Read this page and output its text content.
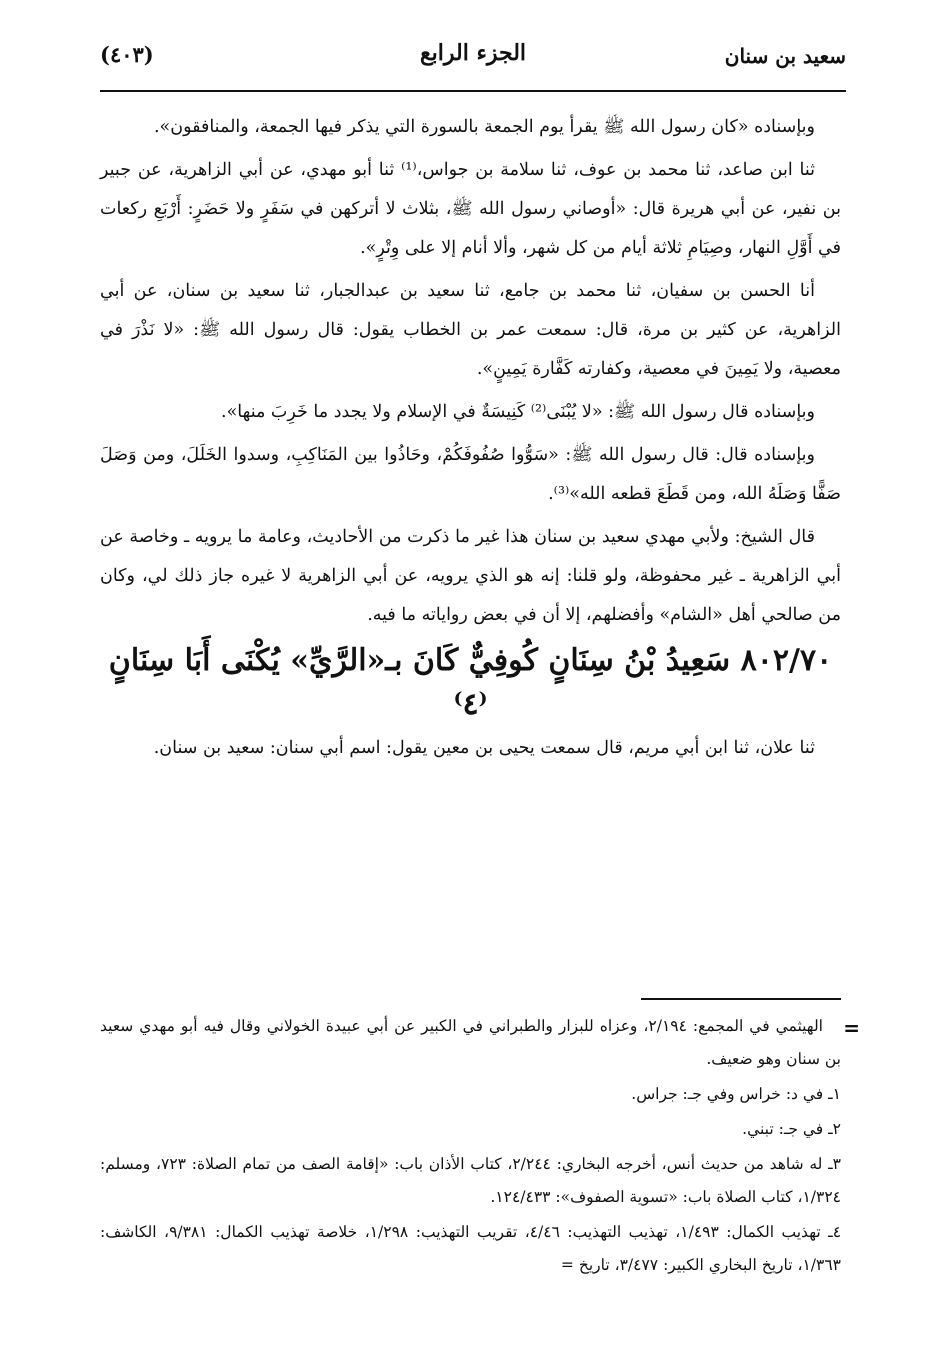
(٤٠٣)	الجزء الرابع	سعيد بن سنان

وبإسناده «كان رسول الله ﷺ يقرأ يوم الجمعة بالسورة التي يذكر فيها الجمعة، والمنافقون».

ثنا ابن صاعد، ثنا محمد بن عوف، ثنا سلامة بن جواس،⁽¹⁾ ثنا أبو مهدي، عن أبي الزاهرية، عن جبير بن نفير، عن أبي هريرة قال: «أوصاني رسول الله ﷺ، بثلاث لا أتركهن في سَفَرٍ ولا حَضَرٍ: أَرْبَعِ ركعات في أَوَّلِ النهار، وصِيَامِ ثلاثة أيام من كل شهر، وألا أنام إلا على وِتْرٍ».

أنا الحسن بن سفيان، ثنا محمد بن جامع، ثنا سعيد بن عبدالجبار، ثنا سعيد بن سنان، عن أبي الزاهرية، عن كثير بن مرة، قال: سمعت عمر بن الخطاب يقول: قال رسول الله ﷺ: «لا نَذْرَ في معصية، ولا يَمِينَ في معصية، وكفارته كَفَّارة يَمِينٍ».

وبإسناده قال رسول الله ﷺ: «لا يُبْنَى⁽²⁾ كَنِيسَةٌ في الإسلام ولا يجدد ما خَرِبَ منها».

وبإسناده قال: قال رسول الله ﷺ: «سَوُّوا صُفُوفَكُمْ، وحَاذُوا بين المَنَاكِبِ، وسدوا الخَلَلَ، ومن وَصَلَ صَفًّا وَصَلَهُ الله، ومن قَطَعَ قطعه الله»⁽³⁾.

قال الشيخ: ولأبي مهدي سعيد بن سنان هذا غير ما ذكرت من الأحاديث، وعامة ما يرويه ـ وخاصة عن أبي الزاهرية ـ غير محفوظة، ولو قلنا: إنه هو الذي يرويه، عن أبي الزاهرية لا غيره جاز ذلك لي، وكان من صالحي أهل «الشام» وأفضلهم، إلا أن في بعض رواياته ما فيه.

٨٠٢/٧٠ سَعِيدُ بْنُ سِنَانٍ كُوفِيٌّ كَانَ بـ«الرَّيِّ» يُكْنَى أَبَا سِنَانٍ ⁽٤⁾

ثنا علان، ثنا ابن أبي مريم، قال سمعت يحيى بن معين يقول: اسم أبي سنان: سعيد بن سنان.

=

الهيثمي في المجمع: ٢/١٩٤، وعزاه للبزار والطبراني في الكبير عن أبي عبيدة الخولاني وقال فيه أبو مهدي سعيد بن سنان وهو ضعيف.

١ـ في د: خراس وفي جـ: جراس.

٢ـ في جـ: تبني.

٣ـ له شاهد من حديث أنس، أخرجه البخاري: ٢/٢٤٤، كتاب الأذان باب: «إقامة الصف من تمام الصلاة: ٧٢٣، ومسلم: ١/٣٢٤، كتاب الصلاة باب: «تسوية الصفوف»: ١٢٤/٤٣٣.

٤ـ تهذيب الكمال: ١/٤٩٣، تهذيب التهذيب: ٤/٤٦، تقريب التهذيب: ١/٢٩٨، خلاصة تهذيب الكمال: ٩/٣٨١، الكاشف: ١/٣٦٣، تاريخ البخاري الكبير: ٣/٤٧٧، تاريخ =
